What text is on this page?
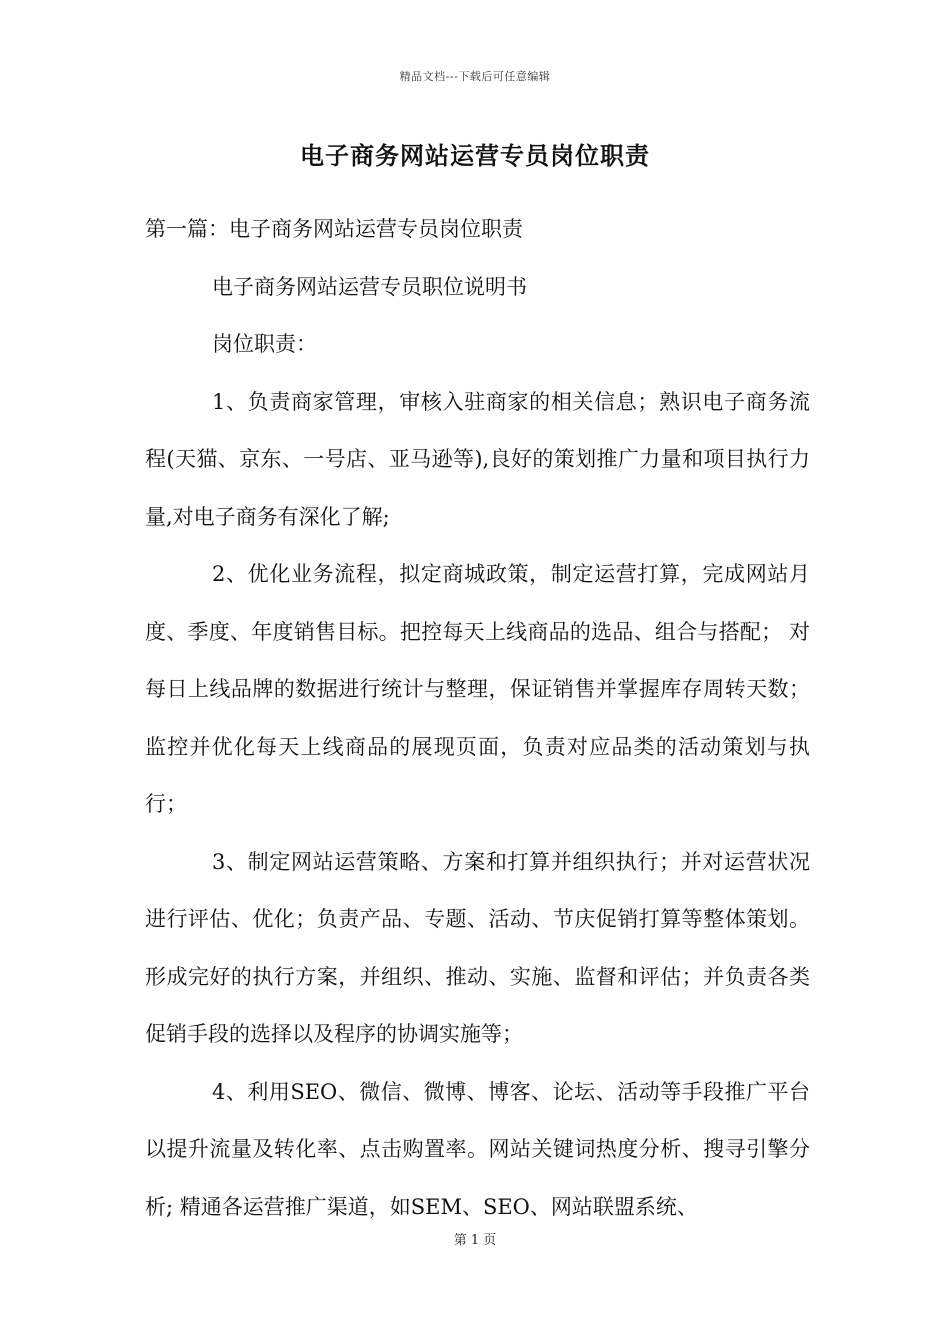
精品文档---下载后可任意编辑
电子商务网站运营专员岗位职责

第一篇：电子商务网站运营专员岗位职责

电子商务网站运营专员职位说明书

岗位职责：

1、负责商家管理，审核入驻商家的相关信息；熟识电子商务流程(天猫、京东、一号店、亚马逊等),良好的策划推广力量和项目执行力量,对电子商务有深化了解;

2、优化业务流程，拟定商城政策，制定运营打算，完成网站月度、季度、年度销售目标。把控每天上线商品的选品、组合与搭配； 对每日上线品牌的数据进行统计与整理，保证销售并掌握库存周转天数；监控并优化每天上线商品的展现页面，负责对应品类的活动策划与执行；

3、制定网站运营策略、方案和打算并组织执行；并对运营状况进行评估、优化；负责产品、专题、活动、节庆促销打算等整体策划。形成完好的执行方案，并组织、推动、实施、监督和评估；并负责各类促销手段的选择以及程序的协调实施等；

4、利用SEO、微信、微博、博客、论坛、活动等手段推广平台以提升流量及转化率、点击购置率。网站关键词热度分析、搜寻引擎分析; 精通各运营推广渠道，如SEM、SEO、网站联盟系统、

第 1 页
